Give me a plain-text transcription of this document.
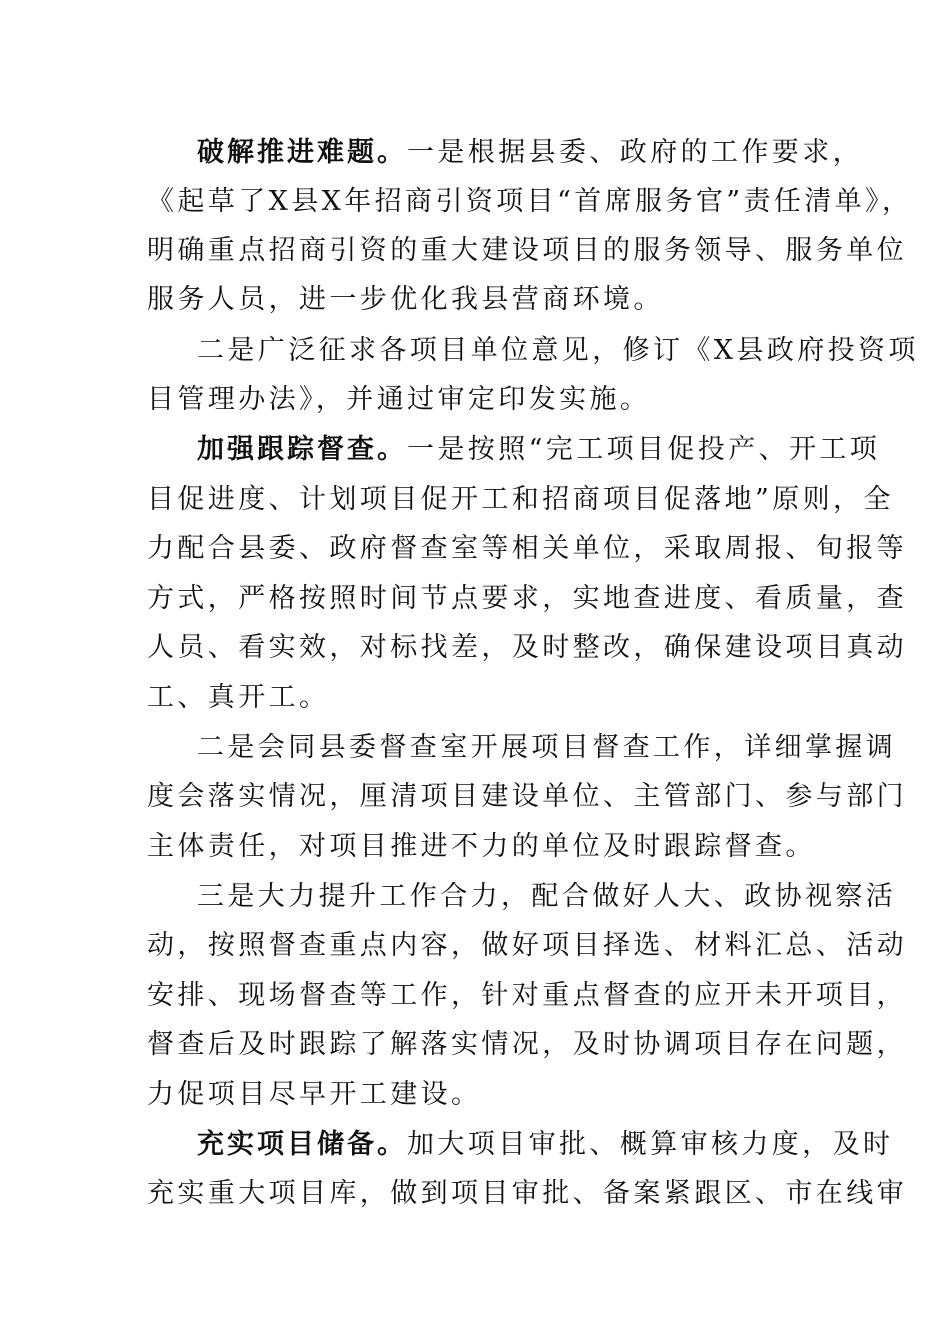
破解推进难题。一是根据县委、政府的工作要求，
《起草了X县X年招商引资项目“首席服务官”责任清单》，
明确重点招商引资的重大建设项目的服务领导、服务单位
服务人员，进一步优化我县营商环境。
二是广泛征求各项目单位意见，修订《X县政府投资项
目管理办法》，并通过审定印发实施。
加强跟踪督查。一是按照“完工项目促投产、开工项
目促进度、计划项目促开工和招商项目促落地”原则，全
力配合县委、政府督查室等相关单位，采取周报、旬报等
方式，严格按照时间节点要求，实地查进度、看质量，查
人员、看实效，对标找差，及时整改，确保建设项目真动
工、真开工。
二是会同县委督查室开展项目督查工作，详细掌握调
度会落实情况，厘清项目建设单位、主管部门、参与部门
主体责任，对项目推进不力的单位及时跟踪督查。
三是大力提升工作合力，配合做好人大、政协视察活
动，按照督查重点内容，做好项目择选、材料汇总、活动
安排、现场督查等工作，针对重点督查的应开未开项目，
督查后及时跟踪了解落实情况，及时协调项目存在问题，
力促项目尽早开工建设。
充实项目储备。加大项目审批、概算审核力度，及时
充实重大项目库，做到项目审批、备案紧跟区、市在线审
